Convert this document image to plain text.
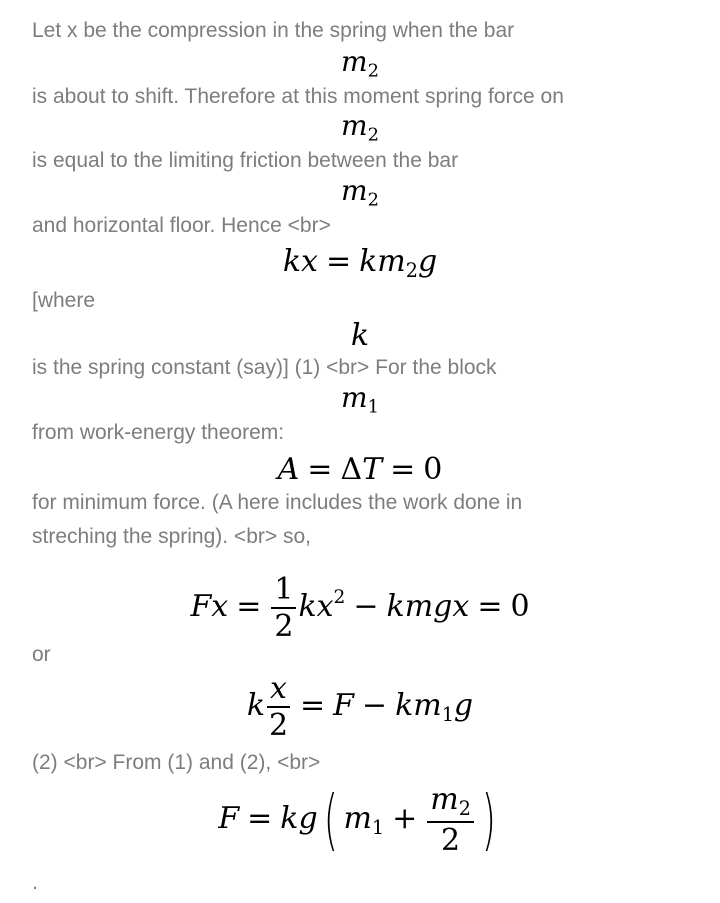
Let x be the compression in the spring when the bar
$m_2$
is about to shift. Therefore at this moment spring force on
$m_2$
is equal to the limiting friction between the bar
$m_2$
and horizontal floor. Hence <br>
kx = $km_2g$
[where
k
is the spring constant (say)] (1) <br> For the block
$m_1$
from work-energy theorem:
A = ΔT = 0
for minimum force. (A here includes the work done in
streching the spring). <br> so,
$Fx = \frac{1}{2} kx^2$ − kmgx = 0
or
k $\frac{x}{2} = F - km_1g$
(2) <br> From (1) and (2), <br>
F = kg( $m_1 + \frac{m_2}{2}$ )
.
